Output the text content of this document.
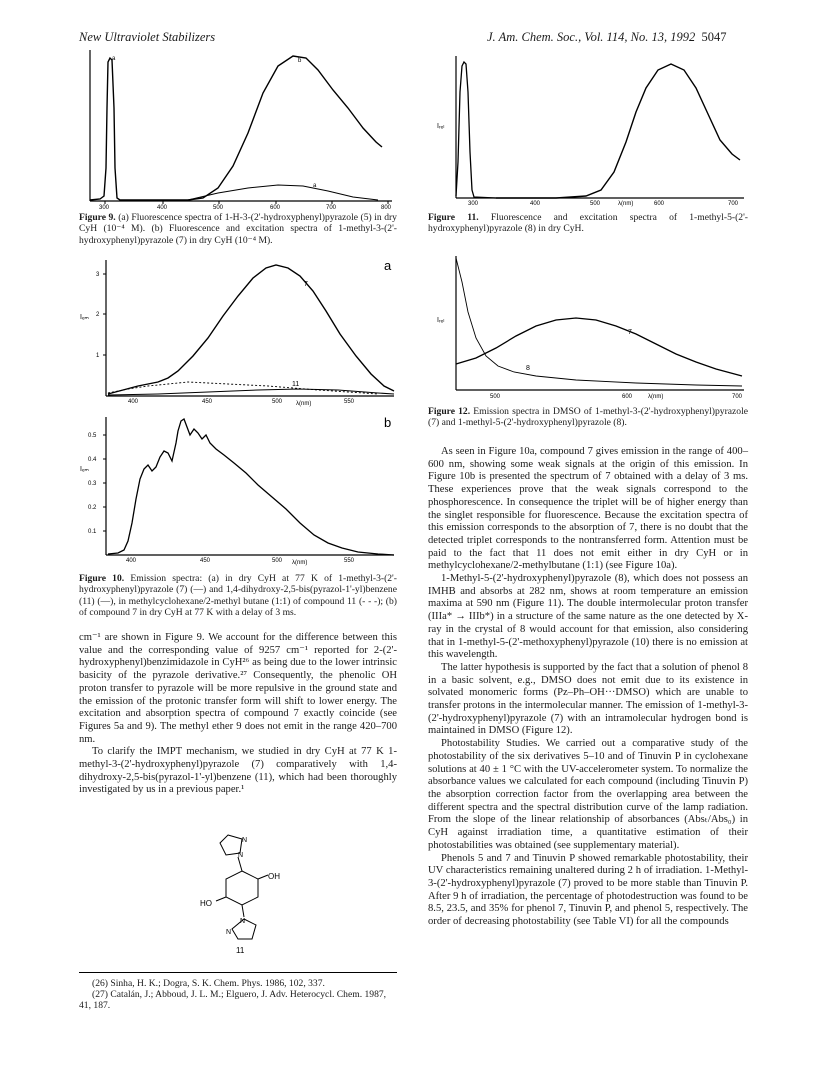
New Ultraviolet Stabilizers	J. Am. Chem. Soc., Vol. 114, No. 13, 1992 5047
a	b
a
300	400	500	600	700	800
Figure 9. (a) Fluorescence spectra of 1-H-3-(2'-hydroxyphenyl)pyrazole (5) in dry CyH (10⁻⁴ M). (b) Fluorescence and excitation spectra of 1-methyl-3-(2'-hydroxyphenyl)pyrazole (7) in dry CyH (10⁻⁴ M).
a
Iₑₘ
3
2
1
400	450	500 λ(nm)	550
7
11
b
Iₑₘ
0.5
0.4
0.3
0.2
0.1
400	450	500 λ(nm)	550
Figure 10. Emission spectra: (a) in dry CyH at 77 K of 1-methyl-3-(2'-hydroxyphenyl)pyrazole (7) (—) and 1,4-dihydroxy-2,5-bis(pyrazol-1'-yl)benzene (11) (—), in methylcyclohexane/2-methyl butane (1:1) of compound 11 (- - -); (b) of compound 7 in dry CyH at 77 K with a delay of 3 ms.

cm⁻¹ are shown in Figure 9. We account for the difference between this value and the corresponding value of 9257 cm⁻¹ reported for 2-(2'-hydroxyphenyl)benzimidazole in CyH²⁶ as being due to the lower intrinsic basicity of the pyrazole derivative.²⁷ Consequently, the phenolic OH proton transfer to pyrazole will be more repulsive in the ground state and the emission of the protonic transfer form will shift to lower energy. The excitation and absorption spectra of compound 7 exactly coincide (see Figures 5a and 9). The methyl ether 9 does not emit in the range 420–700 nm.

To clarify the IMPT mechanism, we studied in dry CyH at 77 K 1-methyl-3-(2'-hydroxyphenyl)pyrazole (7) comparatively with 1,4-dihydroxy-2,5-bis(pyrazol-1'-yl)benzene (11), which had been thoroughly investigated by us in a previous paper.¹

N
N
OH
HO
N
N
11

(26) Sinha, H. K.; Dogra, S. K. Chem. Phys. 1986, 102, 337.

(27) Catalán, J.; Abboud, J. L. M.; Elguero, J. Adv. Heterocycl. Chem. 1987, 41, 187.

Iᵣₑₗ
300	400	500	λ(nm)	600	700
Figure 11. Fluorescence and excitation spectra of 1-methyl-5-(2'-hydroxyphenyl)pyrazole (8) in dry CyH.
Iᵣₑₗ
7
8
500	600	λ(nm)	700
Figure 12. Emission spectra in DMSO of 1-methyl-3-(2'-hydroxyphenyl)pyrazole (7) and 1-methyl-5-(2'-hydroxyphenyl)pyrazole (8).

As seen in Figure 10a, compound 7 gives emission in the range of 400–600 nm, showing some weak signals at the origin of this emission. In Figure 10b is presented the spectrum of 7 obtained with a delay of 3 ms. These experiences prove that the weak signals correspond to the phosphorescence. In consequence the triplet will be of higher energy than the singlet responsible for fluorescence. Because the excitation spectra of this emission corresponds to the absorption of 7, there is no doubt that the detected triplet corresponds to the nontransferred form. Attention must be paid to the fact that 11 does not emit either in dry CyH or in methylcyclohexane/2-methylbutane (1:1) (see Figure 10a).

1-Methyl-5-(2'-hydroxyphenyl)pyrazole (8), which does not possess an IMHB and absorbs at 282 nm, shows at room temperature an emission maxima at 590 nm (Figure 11). The double intermolecular proton transfer (IIIa* → IIIb*) in a structure of the same nature as the one detected by X-ray in the crystal of 8 would account for that emission, also considering that in 1-methyl-5-(2'-methoxyphenyl)pyrazole (10) there is no emission at this wavelength.

The latter hypothesis is supported by the fact that a solution of phenol 8 in a basic solvent, e.g., DMSO does not emit due to its existence in solvated monomeric forms (Pz–Ph–OH···DMSO) which are unable to transfer protons in the intermolecular manner. The emission of 1-methyl-3-(2'-hydroxyphenyl)pyrazole (7) with an intramolecular hydrogen bond is maintained in DMSO (Figure 12).

Photostability Studies. We carried out a comparative study of the photostability of the six derivatives 5–10 and of Tinuvin P in cyclohexane solutions at 40 ± 1 °C with the UV-accelerometer system. To normalize the absorbance values we calculated for each compound (including Tinuvin P) the absorption correction factor from the overlapping area between the different spectra and the spectral distribution curve of the lamp radiation. From the slope of the linear relationship of absorbances (Absₜ/Abs₀) in CyH against irradiation time, a quantitative estimation of their photostabilities was obtained (see supplementary material).

Phenols 5 and 7 and Tinuvin P showed remarkable photostability, their UV characteristics remaining unaltered during 2 h of irradiation. 1-Methyl-3-(2'-hydroxyphenyl)pyrazole (7) proved to be more stable than Tinuvin P. After 9 h of irradiation, the percentage of photodestruction was found to be 8.5, 23.5, and 35% for phenol 7, Tinuvin P, and phenol 5, respectively. The order of decreasing photostability (see Table VI) for all the compounds
